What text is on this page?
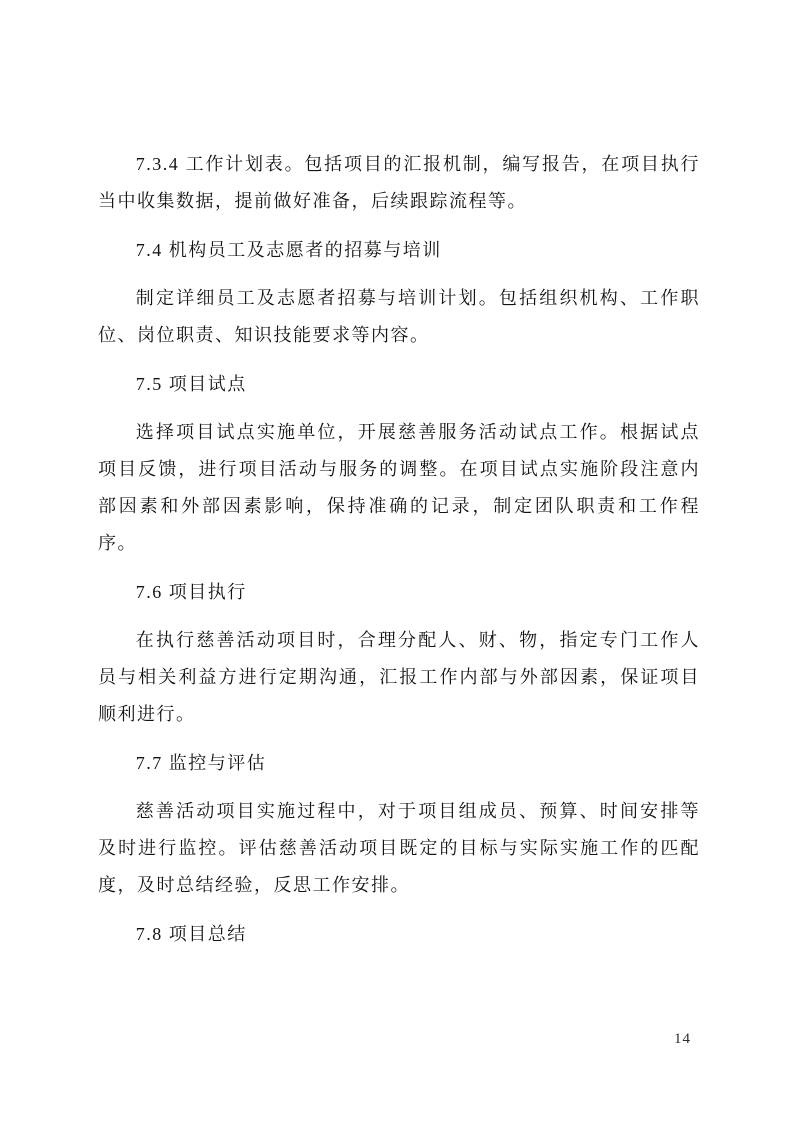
7.3.4 工作计划表。包括项目的汇报机制，编写报告，在项目执行当中收集数据，提前做好准备，后续跟踪流程等。

7.4 机构员工及志愿者的招募与培训

制定详细员工及志愿者招募与培训计划。包括组织机构、工作职位、岗位职责、知识技能要求等内容。

7.5 项目试点

选择项目试点实施单位，开展慈善服务活动试点工作。根据试点项目反馈，进行项目活动与服务的调整。在项目试点实施阶段注意内部因素和外部因素影响，保持准确的记录，制定团队职责和工作程序。

7.6 项目执行

在执行慈善活动项目时，合理分配人、财、物，指定专门工作人员与相关利益方进行定期沟通，汇报工作内部与外部因素，保证项目顺利进行。

7.7 监控与评估

慈善活动项目实施过程中，对于项目组成员、预算、时间安排等及时进行监控。评估慈善活动项目既定的目标与实际实施工作的匹配度，及时总结经验，反思工作安排。

7.8 项目总结

14
